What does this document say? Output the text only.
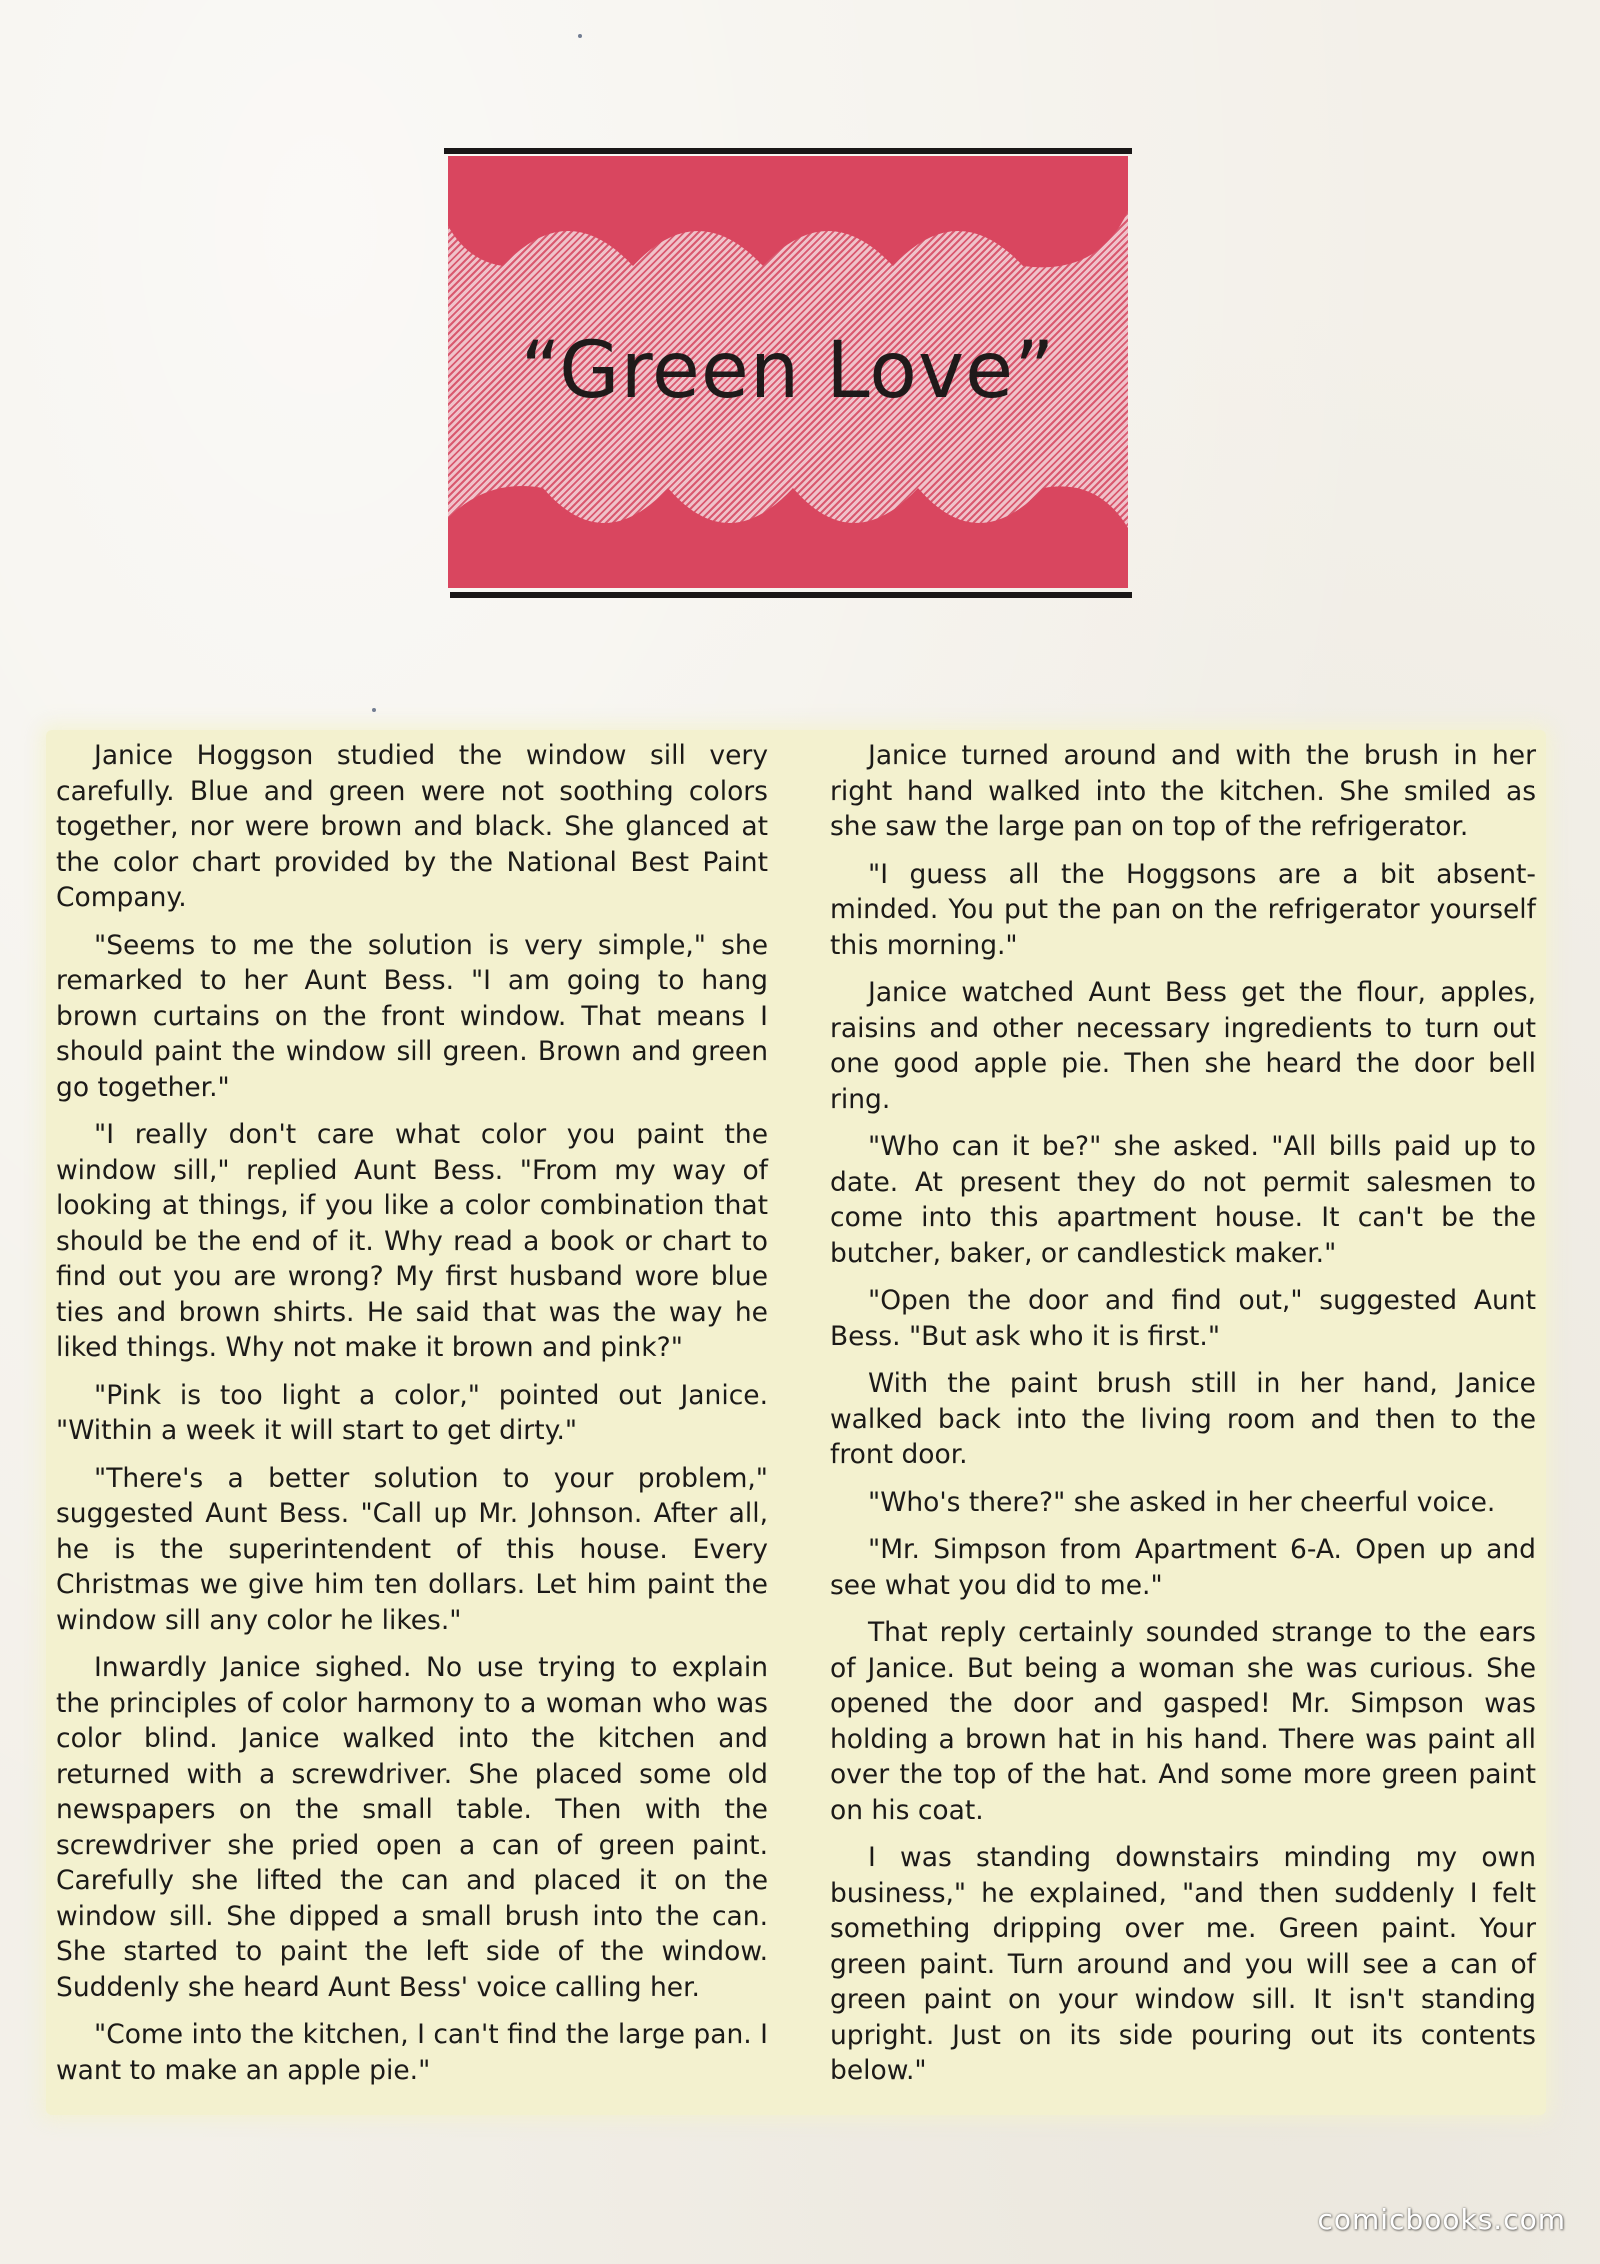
“Green Love”

Janice Hoggson studied the window sill very carefully. Blue and green were not soothing colors together, nor were brown and black. She glanced at the color chart provided by the National Best Paint Company.

"Seems to me the solution is very simple," she remarked to her Aunt Bess. "I am going to hang brown curtains on the front window. That means I should paint the window sill green. Brown and green go together."

"I really don't care what color you paint the window sill," replied Aunt Bess. "From my way of looking at things, if you like a color combination that should be the end of it. Why read a book or chart to find out you are wrong? My first husband wore blue ties and brown shirts. He said that was the way he liked things. Why not make it brown and pink?"

"Pink is too light a color," pointed out Janice. "Within a week it will start to get dirty."

"There's a better solution to your problem," suggested Aunt Bess. "Call up Mr. Johnson. After all, he is the superintendent of this house. Every Christmas we give him ten dollars. Let him paint the window sill any color he likes."

Inwardly Janice sighed. No use trying to explain the principles of color harmony to a woman who was color blind. Janice walked into the kitchen and returned with a screwdriver. She placed some old newspapers on the small table. Then with the screwdriver she pried open a can of green paint. Carefully she lifted the can and placed it on the window sill. She dipped a small brush into the can. She started to paint the left side of the window. Suddenly she heard Aunt Bess' voice calling her.

"Come into the kitchen, I can't find the large pan. I want to make an apple pie."

Janice turned around and with the brush in her right hand walked into the kitchen. She smiled as she saw the large pan on top of the refrigerator.

"I guess all the Hoggsons are a bit absent-minded. You put the pan on the refrigerator yourself this morning."

Janice watched Aunt Bess get the flour, apples, raisins and other necessary ingredients to turn out one good apple pie. Then she heard the door bell ring.

"Who can it be?" she asked. "All bills paid up to date. At present they do not permit salesmen to come into this apartment house. It can't be the butcher, baker, or candlestick maker."

"Open the door and find out," suggested Aunt Bess. "But ask who it is first."

With the paint brush still in her hand, Janice walked back into the living room and then to the front door.

"Who's there?" she asked in her cheerful voice.

"Mr. Simpson from Apartment 6-A. Open up and see what you did to me."

That reply certainly sounded strange to the ears of Janice. But being a woman she was curious. She opened the door and gasped! Mr. Simpson was holding a brown hat in his hand. There was paint all over the top of the hat. And some more green paint on his coat.

I was standing downstairs minding my own business," he explained, "and then suddenly I felt something dripping over me. Green paint. Your green paint. Turn around and you will see a can of green paint on your window sill. It isn't standing upright. Just on its side pouring out its contents below."

comicbooks.com
